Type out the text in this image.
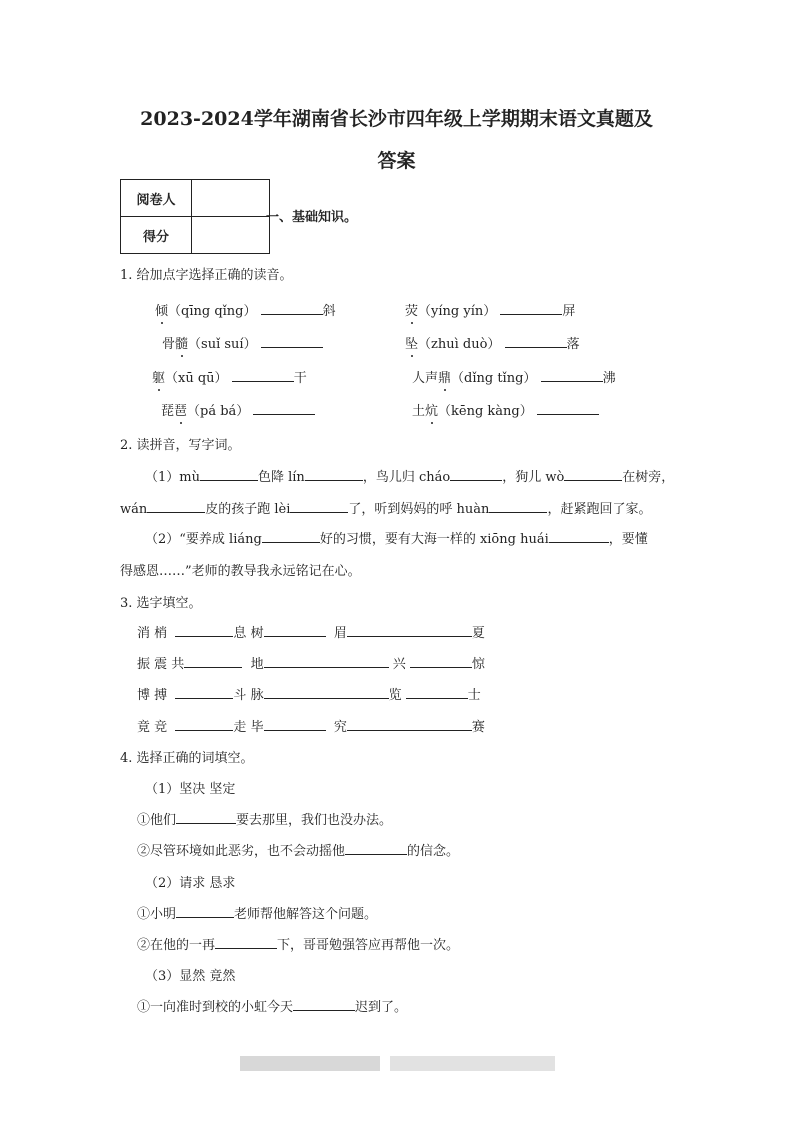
2023-2024学年湖南省长沙市四年级上学期期末语文真题及
答案
阅卷人	
得分	
一、基础知识。
1. 给加点字选择正确的读音。
倾（qīng qǐng）	斜	荧（yíng yín）	屏
骨髓（suǐ suí）	坠（zhuì duò）	落
躯（xū qū）	干	人声鼎（dǐng tǐng）	沸
琵琶（pá bá）	土炕（kēng kàng）
2. 读拼音，写字词。
（1）mù	色降 lín	，鸟儿归 cháo	，狗儿 wò	在树旁，
wán	皮的孩子跑 lèi	了，听到妈妈的呼 huàn	，赶紧跑回了家。
（2）“要养成 liáng	好的习惯，要有大海一样的 xiōng huái	，要懂
得感恩……”老师的教导我永远铭记在心。
3. 选字填空。
消 梢	息 树	眉	夏
振 震 共	地	兴	惊
博 搏	斗 脉	览	士
竟 竞	走 毕	究	赛
4. 选择正确的词填空。
（1）坚决 坚定
①他们	要去那里，我们也没办法。
②尽管环境如此恶劣，也不会动摇他	的信念。
（2）请求 恳求
①小明	老师帮他解答这个问题。
②在他的一再	下，哥哥勉强答应再帮他一次。
（3）显然 竟然
①一向准时到校的小虹今天	迟到了。
